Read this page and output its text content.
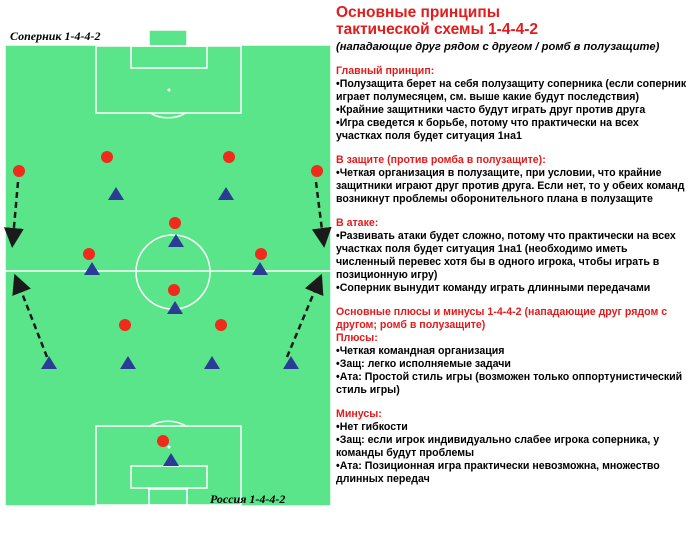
Соперник 1-4-4-2
Россия 1-4-4-2
Основные принципы
тактической схемы 1-4-4-2
(нападающие друг рядом с другом / ромб в полузащите)
Главный принцип:
•Полузащита берет на себя полузащиту соперника (если соперник
играет полумесяцем, см. выше какие будут последствия)
•Крайние защитники часто будут играть друг против друга
•Игра сведется к борьбе, потому что практически на всех
участках поля будет ситуация 1на1
В защите (против ромба в полузащите):
•Четкая организация в полузащите, при условии, что крайние
защитники играют друг против друга. Если нет, то у обеих команд
возникнут проблемы оборонительного плана в полузащите
В атаке:
•Развивать атаки будет сложно, потому что практически на всех
участках поля будет ситуация 1на1 (необходимо иметь
численный перевес хотя бы в одного игрока, чтобы играть в
позиционную игру)
•Соперник вынудит команду играть длинными передачами
Основные плюсы и минусы 1-4-4-2 (нападающие друг рядом с
другом; ромб в полузащите)
Плюсы:
•Четкая командная организация
•Защ: легко исполняемые задачи
•Ата: Простой стиль игры (возможен только оппортунистический
стиль игры)
Минусы:
•Нет гибкости
•Защ: если игрок индивидуально слабее игрока соперника, у
команды будут проблемы
•Ата: Позиционная игра практически невозможна, множество
длинных передач
